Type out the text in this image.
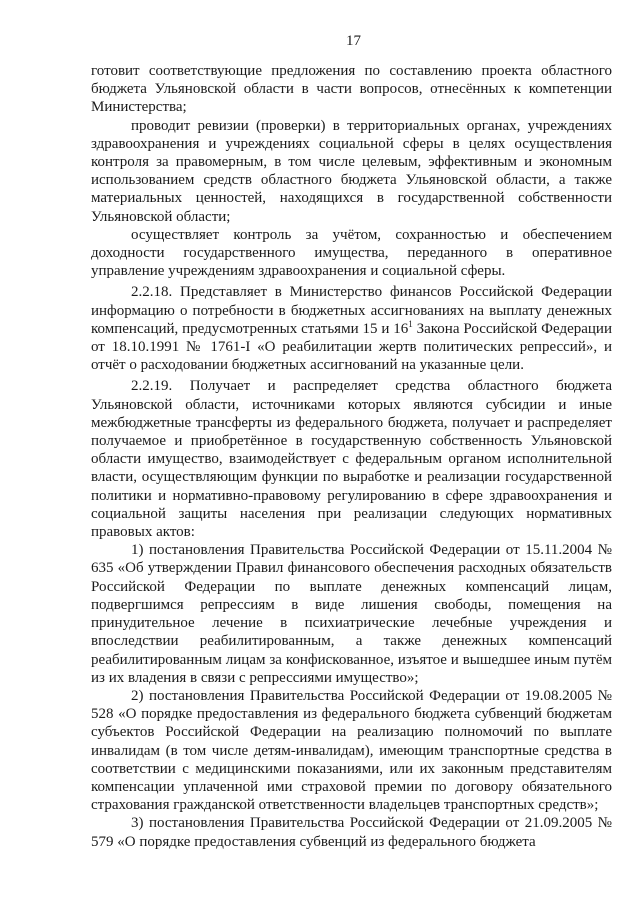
17

готовит соответствующие предложения по составлению проекта областного бюджета Ульяновской области в части вопросов, отнесённых к компетенции Министерства;

проводит ревизии (проверки) в территориальных органах, учреждениях здравоохранения и учреждениях социальной сферы в целях осуществления контроля за правомерным, в том числе целевым, эффективным и экономным использованием средств областного бюджета Ульяновской области, а также материальных ценностей, находящихся в государственной собственности Ульяновской области;

осуществляет контроль за учётом, сохранностью и обеспечением доходности государственного имущества, переданного в оперативное управление учреждениям здравоохранения и социальной сферы.

2.2.18. Представляет в Министерство финансов Российской Федерации информацию о потребности в бюджетных ассигнованиях на выплату денежных компенсаций, предусмотренных статьями 15 и $16^1$ Закона Российской Федерации от 18.10.1991 № 1761-I «О реабилитации жертв политических репрессий», и отчёт о расходовании бюджетных ассигнований на указанные цели.

2.2.19. Получает и распределяет средства областного бюджета Ульяновской области, источниками которых являются субсидии и иные межбюджетные трансферты из федерального бюджета, получает и распределяет получаемое и приобретённое в государственную собственность Ульяновской области имущество, взаимодействует с федеральным органом исполнительной власти, осуществляющим функции по выработке и реализации государственной политики и нормативно-правовому регулированию в сфере здравоохранения и социальной защиты населения при реализации следующих нормативных правовых актов:

1) постановления Правительства Российской Федерации от 15.11.2004 № 635 «Об утверждении Правил финансового обеспечения расходных обязательств Российской Федерации по выплате денежных компенсаций лицам, подвергшимся репрессиям в виде лишения свободы, помещения на принудительное лечение в психиатрические лечебные учреждения и впоследствии реабилитированным, а также денежных компенсаций реабилитированным лицам за конфискованное, изъятое и вышедшее иным путём из их владения в связи с репрессиями имущество»;

2) постановления Правительства Российской Федерации от 19.08.2005 № 528 «О порядке предоставления из федерального бюджета субвенций бюджетам субъектов Российской Федерации на реализацию полномочий по выплате инвалидам (в том числе детям-инвалидам), имеющим транспортные средства в соответствии с медицинскими показаниями, или их законным представителям компенсации уплаченной ими страховой премии по договору обязательного страхования гражданской ответственности владельцев транспортных средств»;

3) постановления Правительства Российской Федерации от 21.09.2005 № 579 «О порядке предоставления субвенций из федерального бюджета
